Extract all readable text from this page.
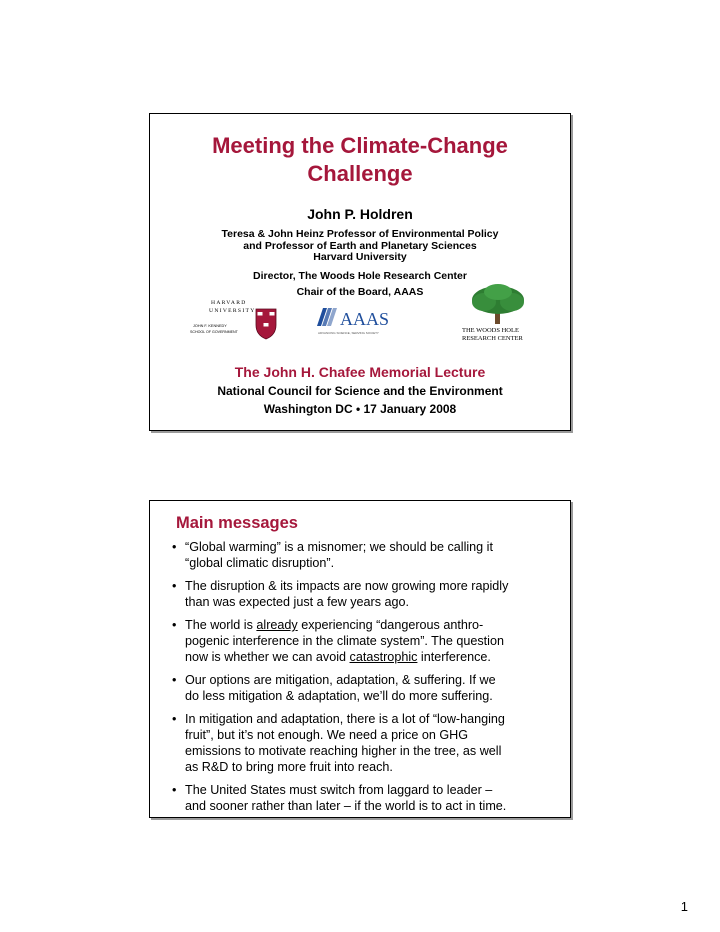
Meeting the Climate-Change
Challenge
John P. Holdren
Teresa & John Heinz Professor of Environmental Policy
and Professor of Earth and Planetary Sciences
Harvard University
Director, The Woods Hole Research Center
Chair of the Board, AAAS
HARVARD
UNIVERSITY
JOHN F. KENNEDY
SCHOOL OF GOVERNMENT
AAAS
ADVANCING SCIENCE, SERVING SOCIETY	THE WOODS HOLE
RESEARCH CENTER
The John H. Chafee Memorial Lecture
National Council for Science and the Environment
Washington DC • 17 January 2008
Main messages
• “Global warming” is a misnomer; we should be calling it
“global climatic disruption”.
• The disruption & its impacts are now growing more rapidly
than was expected just a few years ago.
• The world is already experiencing “dangerous anthro-
pogenic interference in the climate system”. The question
now is whether we can avoid catastrophic interference.
• Our options are mitigation, adaptation, & suffering. If we
do less mitigation & adaptation, we’ll do more suffering.
• In mitigation and adaptation, there is a lot of “low-hanging
fruit”, but it’s not enough. We need a price on GHG
emissions to motivate reaching higher in the tree, as well
as R&D to bring more fruit into reach.
• The United States must switch from laggard to leader –
and sooner rather than later – if the world is to act in time.
1
